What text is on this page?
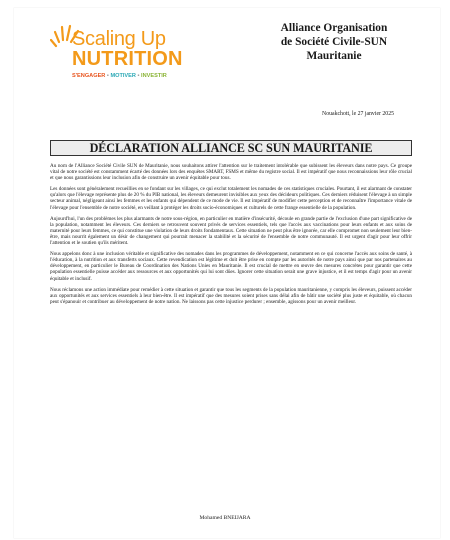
Scaling Up
NUTRITION
S'ENGAGER • MOTIVER • INVESTIR
Alliance Organisation
de Société Civile-SUN
Mauritanie
Nouakchott, le 27 janvier 2025
DÉCLARATION ALLIANCE SC SUN MAURITANIE

Au nom de l'Alliance Société Civile SUN de Mauritanie, nous souhaitons attirer l'attention sur le traitement intolérable que subissent les éleveurs dans notre pays. Ce groupe vital de notre société est constamment écarté des données lors des enquêtes SMART, FSMS et même du registre social. Il est impératif que nous reconnaissions leur rôle crucial et que nous garantissions leur inclusion afin de construire un avenir équitable pour tous.

Les données sont généralement recueillies en se fondant sur les villages, ce qui exclut totalement les nomades de ces statistiques cruciales. Pourtant, il est alarmant de constater qu'alors que l'élevage représente plus de 20 % du PIB national, les éleveurs demeurent invisibles aux yeux des décideurs politiques. Ces derniers réduisent l'élevage à un simple secteur animal, négligeant ainsi les femmes et les enfants qui dépendent de ce mode de vie. Il est impératif de modifier cette perception et de reconnaître l'importance vitale de l'élevage pour l'ensemble de notre société, en veillant à protéger les droits socio-économiques et culturels de cette frange essentielle de la population.

Aujourd'hui, l'un des problèmes les plus alarmants de notre sous-région, en particulier en matière d'insécurité, découle en grande partie de l'exclusion d'une part significative de la population, notamment les éleveurs. Ces derniers se retrouvent souvent privés de services essentiels, tels que l'accès aux vaccinations pour leurs enfants et aux soins de maternité pour leurs femmes, ce qui constitue une violation de leurs droits fondamentaux. Cette situation ne peut plus être ignorée, car elle compromet non seulement leur bien-être, mais nourrit également un désir de changement qui pourrait menacer la stabilité et la sécurité de l'ensemble de notre communauté. Il est urgent d'agir pour leur offrir l'attention et le soutien qu'ils méritent.

Nous appelons donc à une inclusion véritable et significative des nomades dans les programmes de développement, notamment en ce qui concerne l'accès aux soins de santé, à l'éducation, à la nutrition et aux transferts sociaux. Cette revendication est légitime et doit être prise en compte par les autorités de notre pays ainsi que par nos partenaires au développement, en particulier le Bureau de Coordination des Nations Unies en Mauritanie. Il est crucial de mettre en œuvre des mesures concrètes pour garantir que cette population essentielle puisse accéder aux ressources et aux opportunités qui lui sont dûes. Ignorer cette situation serait une grave injustice, et il est temps d'agir pour un avenir équitable et inclusif.

Nous réclamons une action immédiate pour remédier à cette situation et garantir que tous les segments de la population mauritanienne, y compris les éleveurs, puissent accéder aux opportunités et aux services essentiels à leur bien-être. Il est impératif que des mesures soient prises sans délai afin de bâtir une société plus juste et équitable, où chacun peut s'épanouir et contribuer au développement de notre nation. Ne laissons pas cette injustice perdurer ; ensemble, agissons pour un avenir meilleur.

Mohamed BNEIJARA
